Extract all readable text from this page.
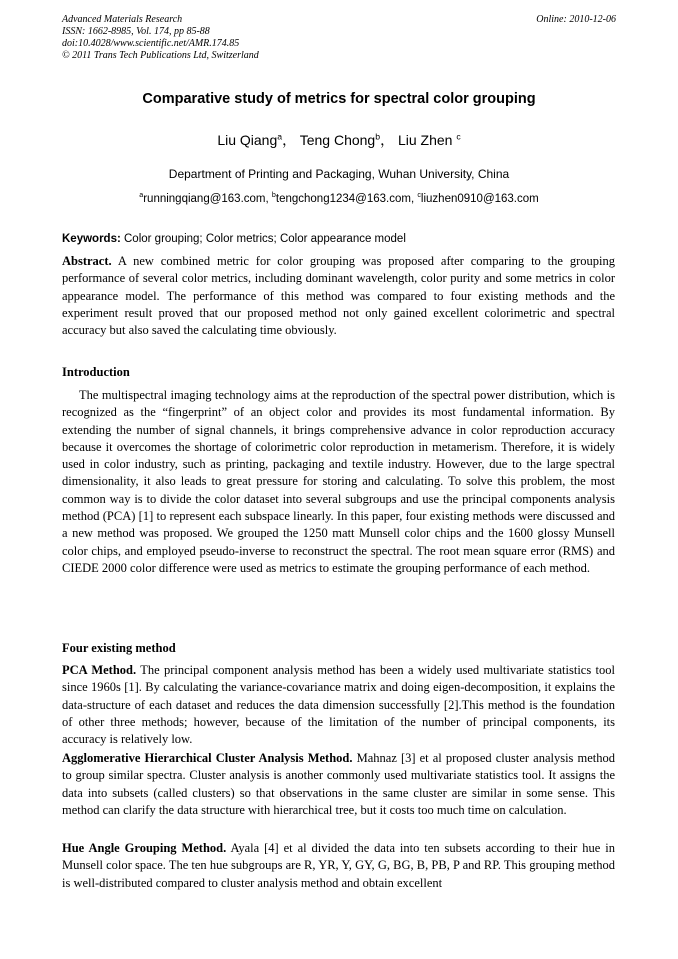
Advanced Materials Research
ISSN: 1662-8985, Vol. 174, pp 85-88
doi:10.4028/www.scientific.net/AMR.174.85
© 2011 Trans Tech Publications Ltd, Switzerland
Online: 2010-12-06
Comparative study of metrics for spectral color grouping
Liu Qiang$^a$， Teng Chong$^b$， Liu Zhen $^c$
Department of Printing and Packaging, Wuhan University, China
$^a$runningqiang@163.com, $^b$tengchong1234@163.com, $^c$liuzhen0910@163.com
Keywords: Color grouping; Color metrics; Color appearance model
Abstract. A new combined metric for color grouping was proposed after comparing to the grouping performance of several color metrics, including dominant wavelength, color purity and some metrics in color appearance model. The performance of this method was compared to four existing methods and the experiment result proved that our proposed method not only gained excellent colorimetric and spectral accuracy but also saved the calculating time obviously.
Introduction
The multispectral imaging technology aims at the reproduction of the spectral power distribution, which is recognized as the “fingerprint” of an object color and provides its most fundamental information. By extending the number of signal channels, it brings comprehensive advance in color reproduction accuracy because it overcomes the shortage of colorimetric color reproduction in metamerism. Therefore, it is widely used in color industry, such as printing, packaging and textile industry. However, due to the large spectral dimensionality, it also leads to great pressure for storing and calculating. To solve this problem, the most common way is to divide the color dataset into several subgroups and use the principal components analysis method (PCA) [1] to represent each subspace linearly. In this paper, four existing methods were discussed and a new method was proposed. We grouped the 1250 matt Munsell color chips and the 1600 glossy Munsell color chips, and employed pseudo-inverse to reconstruct the spectral. The root mean square error (RMS) and CIEDE 2000 color difference were used as metrics to estimate the grouping performance of each method.
Four existing method
PCA Method. The principal component analysis method has been a widely used multivariate statistics tool since 1960s [1]. By calculating the variance-covariance matrix and doing eigen-decomposition, it explains the data-structure of each dataset and reduces the data dimension successfully [2].This method is the foundation of other three methods; however, because of the limitation of the number of principal components, its accuracy is relatively low.
Agglomerative Hierarchical Cluster Analysis Method. Mahnaz [3] et al proposed cluster analysis method to group similar spectra. Cluster analysis is another commonly used multivariate statistics tool. It assigns the data into subsets (called clusters) so that observations in the same cluster are similar in some sense. This method can clarify the data structure with hierarchical tree, but it costs too much time on calculation.
Hue Angle Grouping Method. Ayala [4] et al divided the data into ten subsets according to their hue in Munsell color space. The ten hue subgroups are R, YR, Y, GY, G, BG, B, PB, P and RP. This grouping method is well-distributed compared to cluster analysis method and obtain excellent
